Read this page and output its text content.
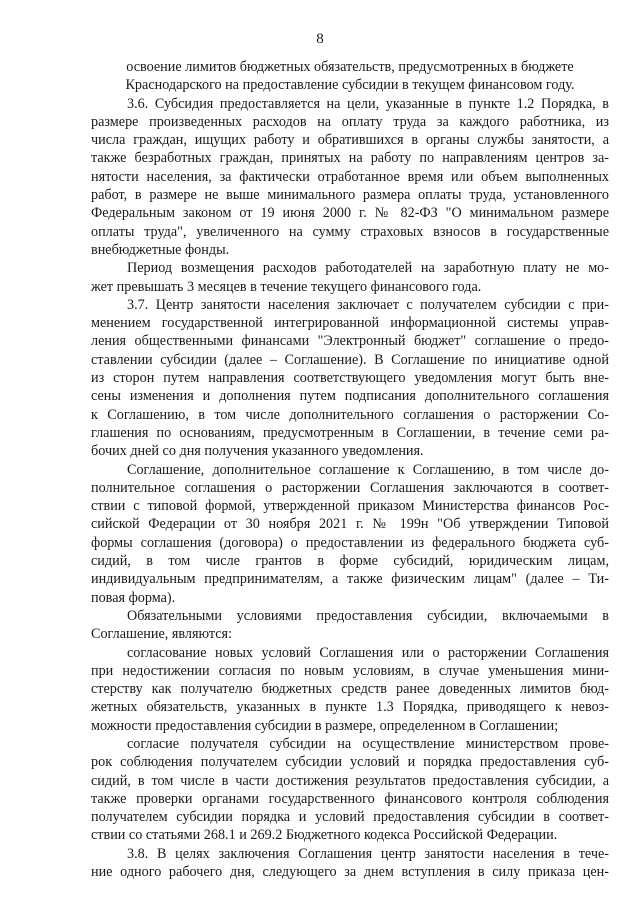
8
освоение лимитов бюджетных обязательств, предусмотренных в бюджете
Краснодарского на предоставление субсидии в текущем финансовом году.
3.6. Субсидия предоставляется на цели, указанные в пункте 1.2 Порядка, в
размере произведенных расходов на оплату труда за каждого работника, из
числа граждан, ищущих работу и обратившихся в органы службы занятости, а
также безработных граждан, принятых на работу по направлениям центров за-
нятости населения, за фактически отработанное время или объем выполненных
работ, в размере не выше минимального размера оплаты труда, установленного
Федеральным законом от 19 июня 2000 г. № 82-ФЗ "О минимальном размере
оплаты труда", увеличенного на сумму страховых взносов в государственные
внебюджетные фонды.
Период возмещения расходов работодателей на заработную плату не мо-
жет превышать 3 месяцев в течение текущего финансового года.
3.7. Центр занятости населения заключает с получателем субсидии с при-
менением государственной интегрированной информационной системы управ-
ления общественными финансами "Электронный бюджет" соглашение о предо-
ставлении субсидии (далее – Соглашение). В Соглашение по инициативе одной
из сторон путем направления соответствующего уведомления могут быть вне-
сены изменения и дополнения путем подписания дополнительного соглашения
к Соглашению, в том числе дополнительного соглашения о расторжении Со-
глашения по основаниям, предусмотренным в Соглашении, в течение семи ра-
бочих дней со дня получения указанного уведомления.
Соглашение, дополнительное соглашение к Соглашению, в том числе до-
полнительное соглашения о расторжении Соглашения заключаются в соответ-
ствии с типовой формой, утвержденной приказом Министерства финансов Рос-
сийской Федерации от 30 ноября 2021 г. № 199н "Об утверждении Типовой
формы соглашения (договора) о предоставлении из федерального бюджета суб-
сидий, в том числе грантов в форме субсидий, юридическим лицам,
индивидуальным предпринимателям, а также физическим лицам" (далее – Ти-
повая форма).
Обязательными условиями предоставления субсидии, включаемыми в
Соглашение, являются:
согласование новых условий Соглашения или о расторжении Соглашения
при недостижении согласия по новым условиям, в случае уменьшения мини-
стерству как получателю бюджетных средств ранее доведенных лимитов бюд-
жетных обязательств, указанных в пункте 1.3 Порядка, приводящего к невоз-
можности предоставления субсидии в размере, определенном в Соглашении;
согласие получателя субсидии на осуществление министерством прове-
рок соблюдения получателем субсидии условий и порядка предоставления суб-
сидий, в том числе в части достижения результатов предоставления субсидии, а
также проверки органами государственного финансового контроля соблюдения
получателем субсидии порядка и условий предоставления субсидии в соответ-
ствии со статьями 268.1 и 269.2 Бюджетного кодекса Российской Федерации.
3.8. В целях заключения Соглашения центр занятости населения в тече-
ние одного рабочего дня, следующего за днем вступления в силу приказа цен-
